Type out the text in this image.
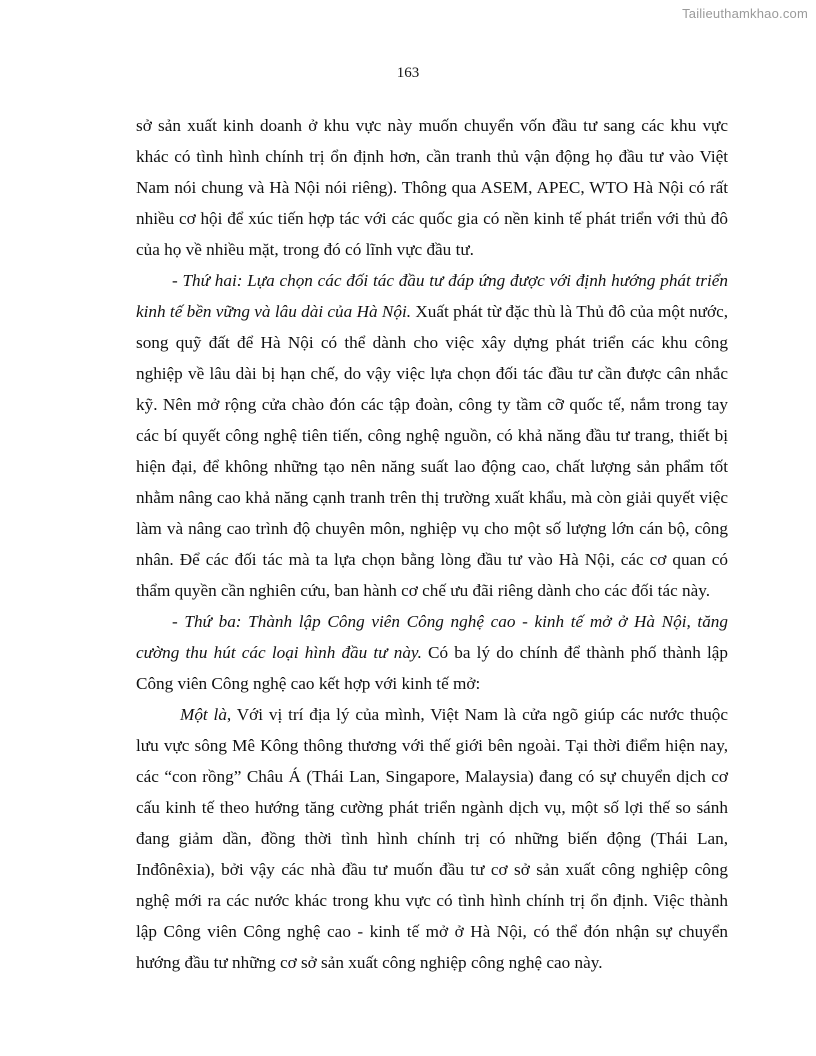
Tailieuthamkhao.com
163

sở sản xuất kinh doanh ở khu vực này muốn chuyển vốn đầu tư sang các khu vực khác có tình hình chính trị ổn định hơn, cần tranh thủ vận động họ đầu tư vào Việt Nam nói chung và Hà Nội nói riêng). Thông qua ASEM, APEC, WTO Hà Nội có rất nhiều cơ hội để xúc tiến hợp tác với các quốc gia có nền kinh tế phát triển với thủ đô của họ về nhiều mặt, trong đó có lĩnh vực đầu tư.

- Thứ hai: Lựa chọn các đối tác đầu tư đáp ứng được với định hướng phát triển kinh tế bền vững và lâu dài của Hà Nội. Xuất phát từ đặc thù là Thủ đô của một nước, song quỹ đất để Hà Nội có thể dành cho việc xây dựng phát triển các khu công nghiệp về lâu dài bị hạn chế, do vậy việc lựa chọn đối tác đầu tư cần được cân nhắc kỹ. Nên mở rộng cửa chào đón các tập đoàn, công ty tầm cỡ quốc tế, nắm trong tay các bí quyết công nghệ tiên tiến, công nghệ nguồn, có khả năng đầu tư trang, thiết bị hiện đại, để không những tạo nên năng suất lao động cao, chất lượng sản phẩm tốt nhằm nâng cao khả năng cạnh tranh trên thị trường xuất khẩu, mà còn giải quyết việc làm và nâng cao trình độ chuyên môn, nghiệp vụ cho một số lượng lớn cán bộ, công nhân. Để các đối tác mà ta lựa chọn bằng lòng đầu tư vào Hà Nội, các cơ quan có thẩm quyền cần nghiên cứu, ban hành cơ chế ưu đãi riêng dành cho các đối tác này.

- Thứ ba: Thành lập Công viên Công nghệ cao - kinh tế mở ở Hà Nội, tăng cường thu hút các loại hình đầu tư này. Có ba lý do chính để thành phố thành lập Công viên Công nghệ cao kết hợp với kinh tế mở:

Một là, Với vị trí địa lý của mình, Việt Nam là cửa ngõ giúp các nước thuộc lưu vực sông Mê Kông thông thương với thế giới bên ngoài. Tại thời điểm hiện nay, các “con rồng” Châu Á (Thái Lan, Singapore, Malaysia) đang có sự chuyển dịch cơ cấu kinh tế theo hướng tăng cường phát triển ngành dịch vụ, một số lợi thế so sánh đang giảm dần, đồng thời tình hình chính trị có những biến động (Thái Lan, Inđônêxia), bởi vậy các nhà đầu tư muốn đầu tư cơ sở sản xuất công nghiệp công nghệ mới ra các nước khác trong khu vực có tình hình chính trị ổn định. Việc thành lập Công viên Công nghệ cao - kinh tế mở ở Hà Nội, có thể đón nhận sự chuyển hướng đầu tư những cơ sở sản xuất công nghiệp công nghệ cao này.
